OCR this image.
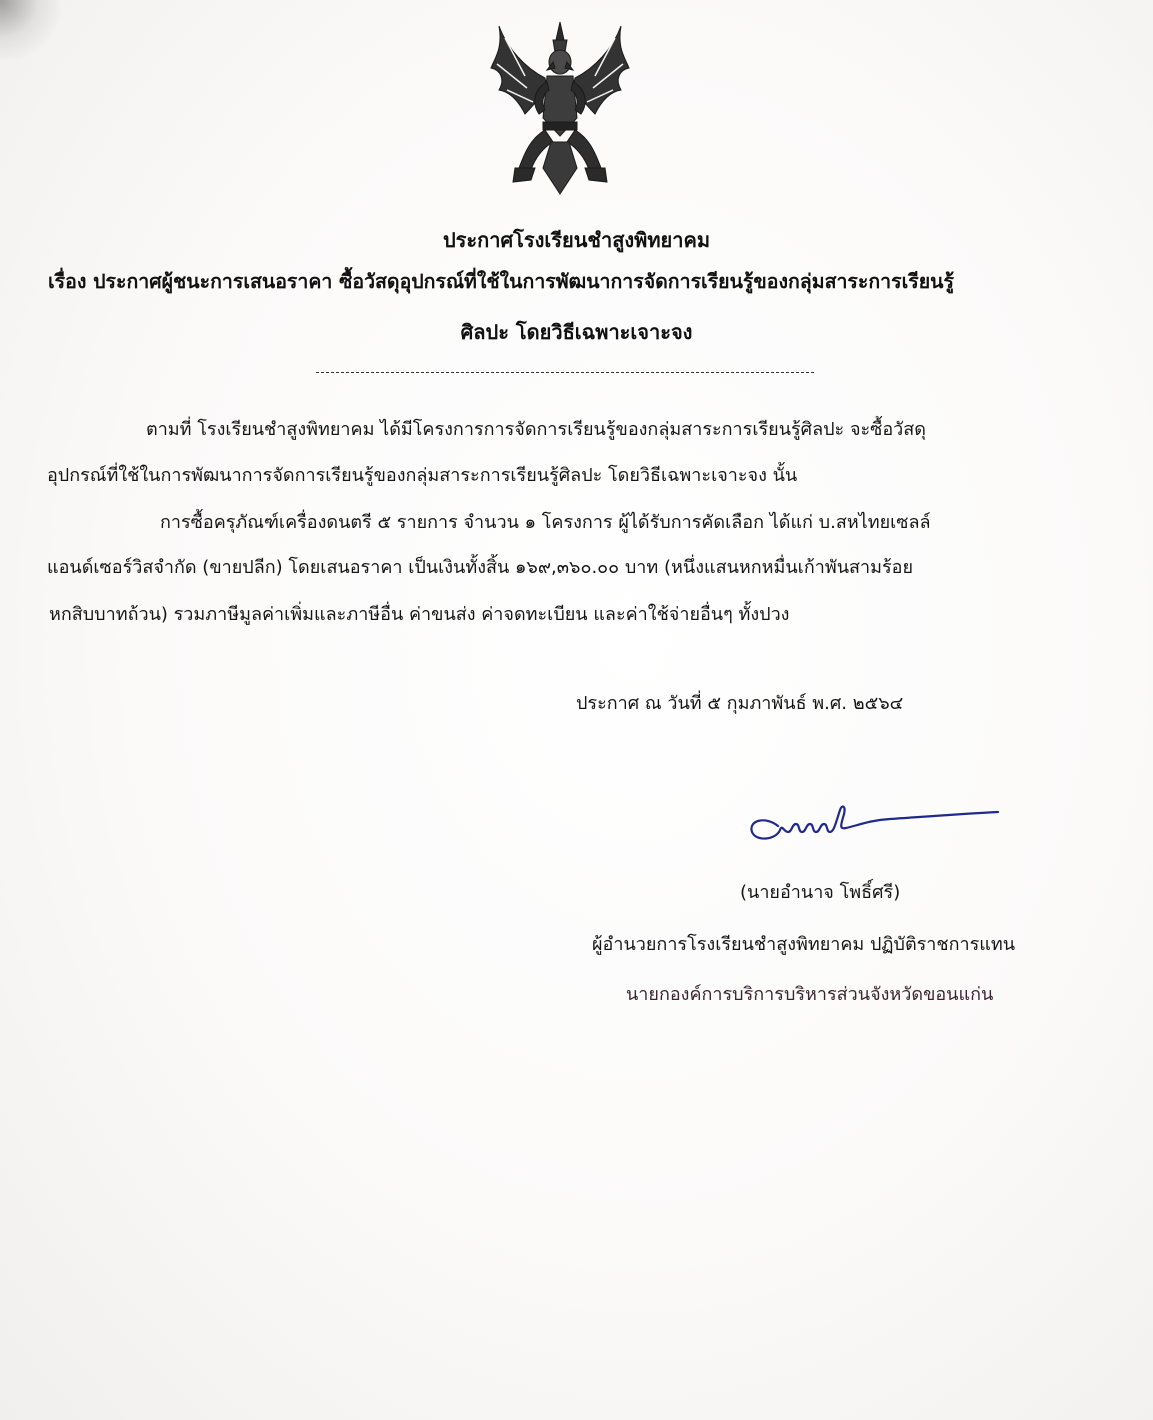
ประกาศโรงเรียนชำสูงพิทยาคม
เรื่อง ประกาศผู้ชนะการเสนอราคา ซื้อวัสดุอุปกรณ์ที่ใช้ในการพัฒนาการจัดการเรียนรู้ของกลุ่มสาระการเรียนรู้
ศิลปะ โดยวิธีเฉพาะเจาะจง
ตามที่ โรงเรียนชำสูงพิทยาคม ได้มีโครงการการจัดการเรียนรู้ของกลุ่มสาระการเรียนรู้ศิลปะ จะซื้อวัสดุ
อุปกรณ์ที่ใช้ในการพัฒนาการจัดการเรียนรู้ของกลุ่มสาระการเรียนรู้ศิลปะ โดยวิธีเฉพาะเจาะจง นั้น
การซื้อครุภัณฑ์เครื่องดนตรี ๕ รายการ จำนวน ๑ โครงการ ผู้ได้รับการคัดเลือก ได้แก่ บ.สหไทยเซลล์
แอนด์เซอร์วิสจำกัด (ขายปลีก) โดยเสนอราคา เป็นเงินทั้งสิ้น ๑๖๙,๓๖๐.๐๐ บาท (หนึ่งแสนหกหมื่นเก้าพันสามร้อย
หกสิบบาทถ้วน) รวมภาษีมูลค่าเพิ่มและภาษีอื่น ค่าขนส่ง ค่าจดทะเบียน และค่าใช้จ่ายอื่นๆ ทั้งปวง
ประกาศ ณ วันที่ ๕ กุมภาพันธ์ พ.ศ. ๒๕๖๔
(นายอำนาจ โพธิ์ศรี)
ผู้อำนวยการโรงเรียนชำสูงพิทยาคม ปฏิบัติราชการแทน
นายกองค์การบริการบริหารส่วนจังหวัดขอนแก่น
